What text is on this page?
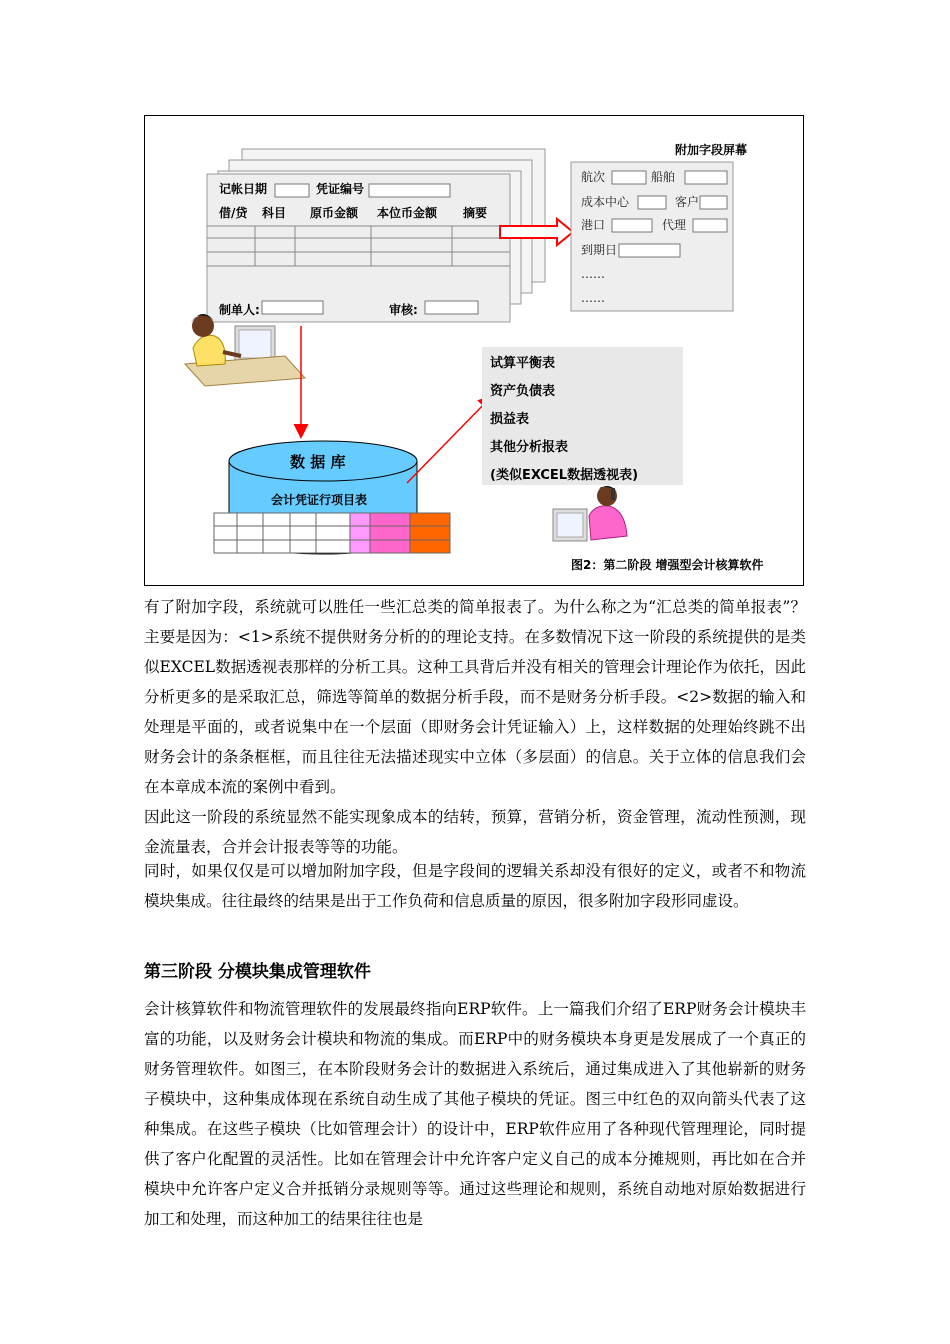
记帐日期	凭证编号
借/贷 科目 原币金额 本位币金额 摘要
制单人:	审核:
附加字段屏幕
航次	船舶
成本中心	客户
港口	代理
到期日
……
……
数 据 库
会计凭证行项目表
试算平衡表
资产负债表
损益表
其他分析报表
(类似EXCEL数据透视表)
图2：第二阶段 增强型会计核算软件

有了附加字段，系统就可以胜任一些汇总类的简单报表了。为什么称之为“汇总类的简单报表”？主要是因为：<1>系统不提供财务分析的的理论支持。在多数情况下这一阶段的系统提供的是类似EXCEL数据透视表那样的分析工具。这种工具背后并没有相关的管理会计理论作为依托，因此分析更多的是采取汇总，筛选等简单的数据分析手段，而不是财务分析手段。<2>数据的输入和处理是平面的，或者说集中在一个层面（即财务会计凭证输入）上，这样数据的处理始终跳不出财务会计的条条框框，而且往往无法描述现实中立体（多层面）的信息。关于立体的信息我们会在本章成本流的案例中看到。

因此这一阶段的系统显然不能实现象成本的结转，预算，营销分析，资金管理，流动性预测，现金流量表，合并会计报表等等的功能。

同时，如果仅仅是可以增加附加字段，但是字段间的逻辑关系却没有很好的定义，或者不和物流模块集成。往往最终的结果是出于工作负荷和信息质量的原因，很多附加字段形同虚设。

第三阶段 分模块集成管理软件

会计核算软件和物流管理软件的发展最终指向ERP软件。上一篇我们介绍了ERP财务会计模块丰富的功能，以及财务会计模块和物流的集成。而ERP中的财务模块本身更是发展成了一个真正的财务管理软件。如图三，在本阶段财务会计的数据进入系统后，通过集成进入了其他崭新的财务子模块中，这种集成体现在系统自动生成了其他子模块的凭证。图三中红色的双向箭头代表了这种集成。在这些子模块（比如管理会计）的设计中，ERP软件应用了各种现代管理理论，同时提供了客户化配置的灵活性。比如在管理会计中允许客户定义自己的成本分摊规则，再比如在合并模块中允许客户定义合并抵销分录规则等等。通过这些理论和规则，系统自动地对原始数据进行加工和处理，而这种加工的结果往往也是
